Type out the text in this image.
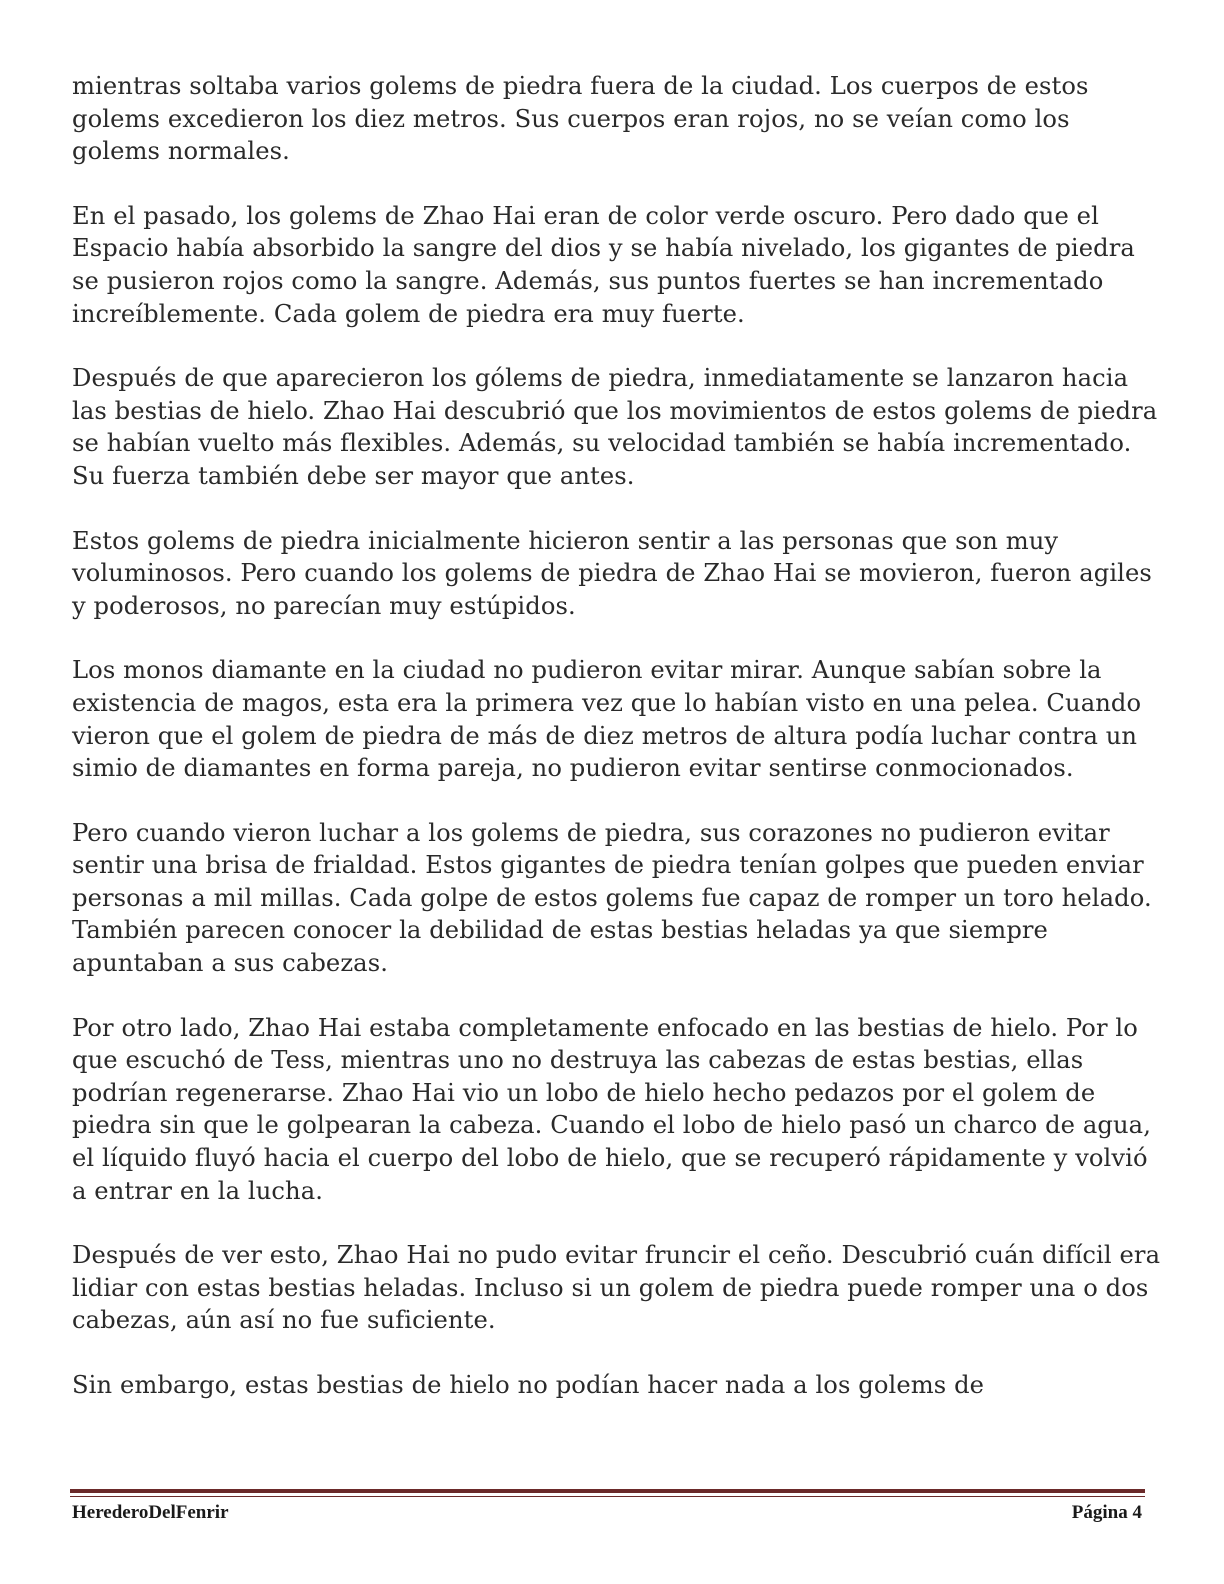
mientras soltaba varios golems de piedra fuera de la ciudad. Los cuerpos de estos golems excedieron los diez metros. Sus cuerpos eran rojos, no se veían como los golems normales.

En el pasado, los golems de Zhao Hai eran de color verde oscuro. Pero dado que el Espacio había absorbido la sangre del dios y se había nivelado, los gigantes de piedra se pusieron rojos como la sangre. Además, sus puntos fuertes se han incrementado increíblemente. Cada golem de piedra era muy fuerte.

Después de que aparecieron los gólems de piedra, inmediatamente se lanzaron hacia las bestias de hielo. Zhao Hai descubrió que los movimientos de estos golems de piedra se habían vuelto más flexibles. Además, su velocidad también se había incrementado. Su fuerza también debe ser mayor que antes.

Estos golems de piedra inicialmente hicieron sentir a las personas que son muy voluminosos. Pero cuando los golems de piedra de Zhao Hai se movieron, fueron agiles y poderosos, no parecían muy estúpidos.

Los monos diamante en la ciudad no pudieron evitar mirar. Aunque sabían sobre la existencia de magos, esta era la primera vez que lo habían visto en una pelea. Cuando vieron que el golem de piedra de más de diez metros de altura podía luchar contra un simio de diamantes en forma pareja, no pudieron evitar sentirse conmocionados.

Pero cuando vieron luchar a los golems de piedra, sus corazones no pudieron evitar sentir una brisa de frialdad. Estos gigantes de piedra tenían golpes que pueden enviar personas a mil millas. Cada golpe de estos golems fue capaz de romper un toro helado. También parecen conocer la debilidad de estas bestias heladas ya que siempre apuntaban a sus cabezas.

Por otro lado, Zhao Hai estaba completamente enfocado en las bestias de hielo. Por lo que escuchó de Tess, mientras uno no destruya las cabezas de estas bestias, ellas podrían regenerarse. Zhao Hai vio un lobo de hielo hecho pedazos por el golem de piedra sin que le golpearan la cabeza. Cuando el lobo de hielo pasó un charco de agua, el líquido fluyó hacia el cuerpo del lobo de hielo, que se recuperó rápidamente y volvió a entrar en la lucha.

Después de ver esto, Zhao Hai no pudo evitar fruncir el ceño. Descubrió cuán difícil era lidiar con estas bestias heladas. Incluso si un golem de piedra puede romper una o dos cabezas, aún así no fue suficiente.

Sin embargo, estas bestias de hielo no podían hacer nada a los golems de

HerederoDelFenrir	Página 4
